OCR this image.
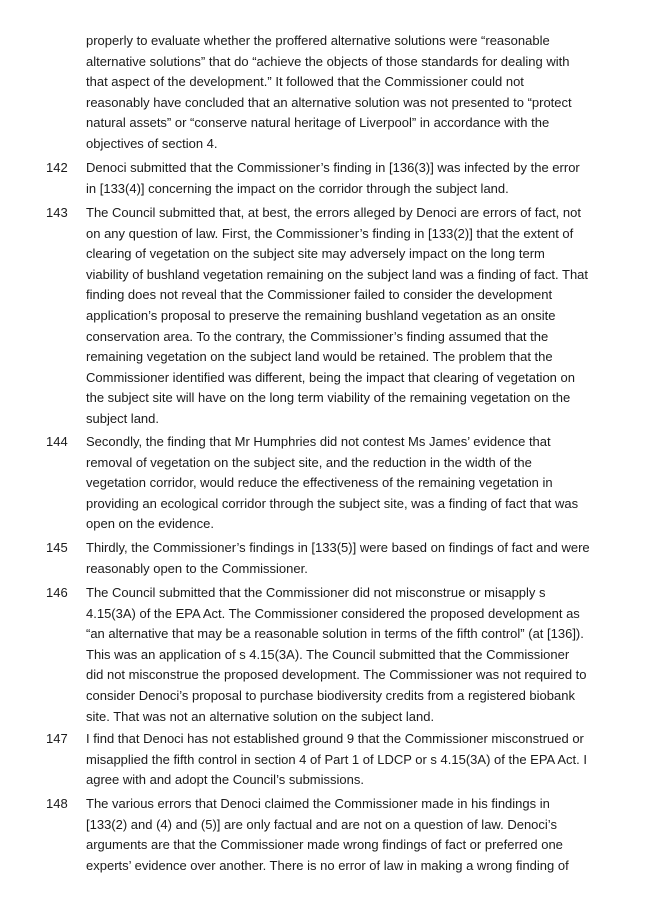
properly to evaluate whether the proffered alternative solutions were “reasonable
alternative solutions” that do “achieve the objects of those standards for dealing with
that aspect of the development.” It followed that the Commissioner could not
reasonably have concluded that an alternative solution was not presented to “protect
natural assets” or “conserve natural heritage of Liverpool” in accordance with the
objectives of section 4.
142 Denoci submitted that the Commissioner’s finding in [136(3)] was infected by the error
in [133(4)] concerning the impact on the corridor through the subject land.
143 The Council submitted that, at best, the errors alleged by Denoci are errors of fact, not
on any question of law. First, the Commissioner’s finding in [133(2)] that the extent of
clearing of vegetation on the subject site may adversely impact on the long term
viability of bushland vegetation remaining on the subject land was a finding of fact. That
finding does not reveal that the Commissioner failed to consider the development
application’s proposal to preserve the remaining bushland vegetation as an onsite
conservation area. To the contrary, the Commissioner’s finding assumed that the
remaining vegetation on the subject land would be retained. The problem that the
Commissioner identified was different, being the impact that clearing of vegetation on
the subject site will have on the long term viability of the remaining vegetation on the
subject land.
144 Secondly, the finding that Mr Humphries did not contest Ms James’ evidence that
removal of vegetation on the subject site, and the reduction in the width of the
vegetation corridor, would reduce the effectiveness of the remaining vegetation in
providing an ecological corridor through the subject site, was a finding of fact that was
open on the evidence.
145 Thirdly, the Commissioner’s findings in [133(5)] were based on findings of fact and were
reasonably open to the Commissioner.
146 The Council submitted that the Commissioner did not misconstrue or misapply s
4.15(3A) of the EPA Act. The Commissioner considered the proposed development as
“an alternative that may be a reasonable solution in terms of the fifth control” (at [136]).
This was an application of s 4.15(3A). The Council submitted that the Commissioner
did not misconstrue the proposed development. The Commissioner was not required to
consider Denoci’s proposal to purchase biodiversity credits from a registered biobank
site. That was not an alternative solution on the subject land.
147 I find that Denoci has not established ground 9 that the Commissioner misconstrued or
misapplied the fifth control in section 4 of Part 1 of LDCP or s 4.15(3A) of the EPA Act. I
agree with and adopt the Council’s submissions.
148 The various errors that Denoci claimed the Commissioner made in his findings in
[133(2) and (4) and (5)] are only factual and are not on a question of law. Denoci’s
arguments are that the Commissioner made wrong findings of fact or preferred one
experts’ evidence over another. There is no error of law in making a wrong finding of
